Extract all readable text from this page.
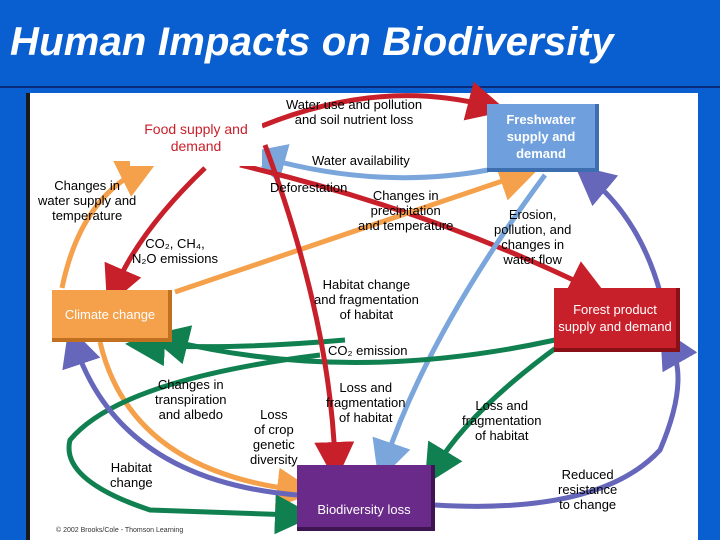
Human Impacts on Biodiversity
Food supply and demand
Freshwater supply and demand
Climate change	Forest product supply and demand
Biodiversity loss
Water use and pollution
and soil nutrient loss
Water availability
Changes in
water supply and
temperature
Deforestation
Changes in
precipitation
and temperature
Erosion,
pollution, and
changes in
water flow
CO₂, CH₄,
N₂O emissions
Habitat change
and fragmentation
of habitat
CO₂ emission
Changes in
transpiration
and albedo	Loss
of crop
genetic
diversity
Loss and
fragmentation
of habitat
Loss and
fragmentation
of habitat
Habitat
change
Reduced
resistance
to change
© 2002 Brooks/Cole - Thomson Learning
